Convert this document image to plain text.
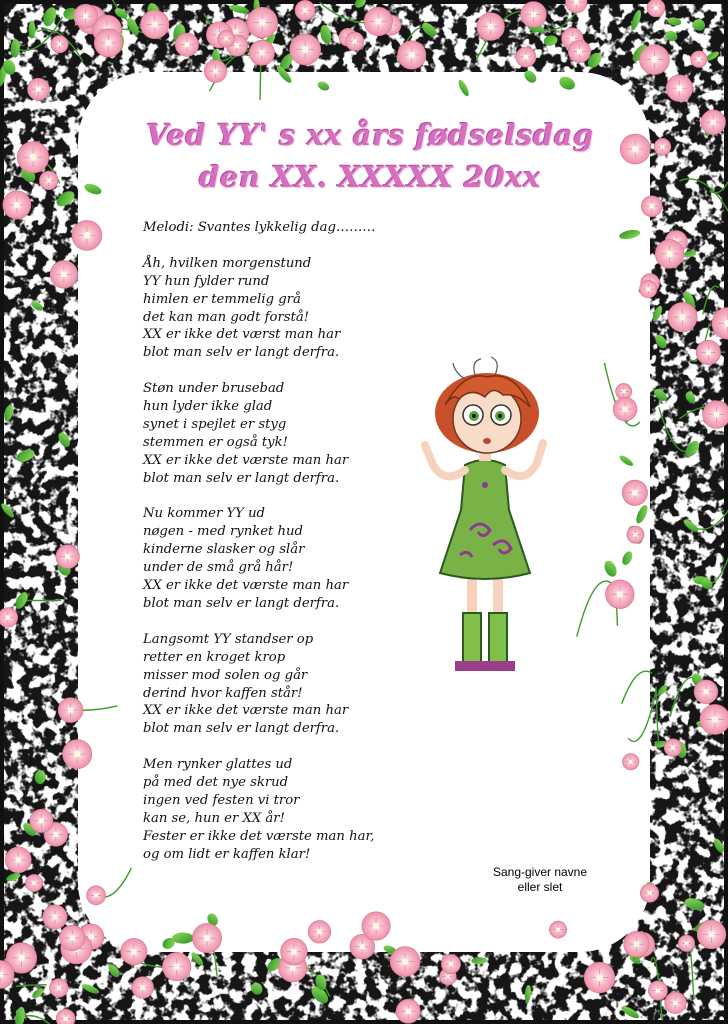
Ved YY' s xx års fødselsdag
den XX. XXXXX 20xx
Melodi: Svantes lykkelig dag………
Åh, hvilken morgenstund
YY hun fylder rund
himlen er temmelig grå
det kan man godt forstå!
XX er ikke det værst man har
blot man selv er langt derfra.
Støn under brusebad
hun lyder ikke glad
synet i spejlet er styg
stemmen er også tyk!
XX er ikke det værste man har
blot man selv er langt derfra.
Nu kommer YY ud
nøgen - med rynket hud
kinderne slasker og slår
under de små grå hår!
XX er ikke det værste man har
blot man selv er langt derfra.
Langsomt YY standser op
retter en kroget krop
misser mod solen og går
derind hvor kaffen står!
XX er ikke det værste man har
blot man selv er langt derfra.
Men rynker glattes ud
på med det nye skrud
ingen ved festen vi tror
kan se, hun er XX år!
Fester er ikke det værste man har,
og om lidt er kaffen klar!
Sang-giver navne
eller slet
